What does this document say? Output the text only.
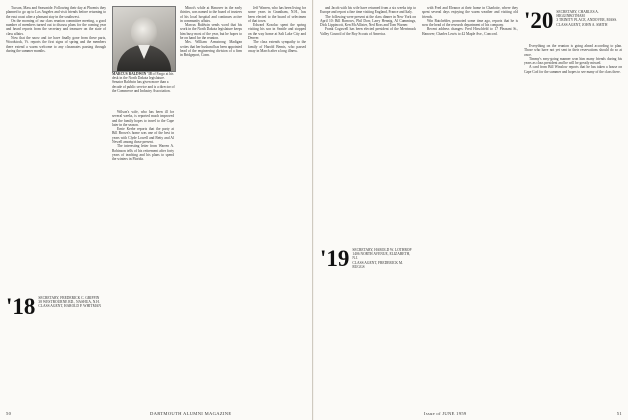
Tucson, Mass and Seasonide. Following their day at Phoenix they planned to go up to Los Angeles and visit friends before returning to the east coast after a pleasant stay in the southwest.

On the morning of our class reunion committee meeting, a good number of members turned out to discuss plans for the coming year and heard reports from the secretary and treasurer on the state of class affairs.

Now that the snow and ice have finally gone from these parts, Woodstock, Vt. reports the first signs of spring and the members there extend a warm welcome to any classmates passing through during the summer months.

MARCUS BALDWIN '18 of Fargo at his desk in the North Dakota legislature. Senator Baldwin has given more than a decade of public service and is a director of the Commerce and Industry Association.

Minot's while at Hanover in the early thirties, was named to the board of trustees of his local hospital and continues active in community affairs.

Marcus Baldwin sends word that his work in the North Dakota legislature keeps him busy most of the year, but he hopes to be on hand for the reunion.

Mrs. William Armstrong Madigan writes that her husband has been appointed head of the engineering division of a firm in Bridgeport, Conn.

Wilson's wife, who has been ill for several weeks, is reported much improved and the family hopes to travel to the Cape later in the season.

Ernie Kerbe reports that the party at Bill Brown's home was one of the best in years with Clyde Lowell and Betty and Al Newell among those present.

The interesting letter from Warren A. Robinson tells of his retirement after forty years of teaching and his plans to spend the winters in Florida.

Jeff Warren, who has been living for some years in Grantham, N.H., has been elected to the board of selectmen of that town.

Edward Kosolac spent the spring visiting his son in Seattle and stopped on the way home at Salt Lake City and Denver.

The class extends sympathy to the family of Harold Bemis, who passed away in March after a long illness.

'18 SECRETARY, FREDERICK C. GRIFFIN
38 WESTBOURNE RD., NASHUA, N.H.
CLASS AGENT, HAROLD P. WHITMAN
50	DARTMOUTH ALUMNI MAGAZINE

and Jacob with his wife have returned from a six weeks trip to Europe and report a fine time visiting England, France and Italy.

The following were present at the class dinner in New York on April 10: Bill Barrows, Phil Dorr, Larry Hennig, Al Cummings, Dick Lippincott, Ken McAllister, Ned Ross and Tom Warner.

Frank Cogswell has been elected president of the Merrimack Valley Council of the Boy Scouts of America.

'19 SECRETARY, HAROLD W. LOTHROP
1406 NORTH AVENUE, ELIZABETH, N.J.
CLASS AGENT, FREDERICK M. RUGGS

with Fred and Eleanor at their home in Charlotte, where they spent several days enjoying the warm weather and visiting old friends.

Win Batchelder, promoted some time ago, reports that he is now the head of the research department of his company.

Recent address changes: Fred Hirschfeld to 17 Pleasant St., Hanover; Charles Lewis to 42 Maple Ave., Concord.

'20 SECRETARY, CHARLES A. HIGGINBOTHAM
3 TRINITY PLACE, ANDOVER, MASS.
CLASS AGENT, JOHN A. SMITH

Everything on the reunion is going ahead according to plan. Those who have not yet sent in their reservations should do so at once.

Timmy's easy-going manner won him many friends during his years as class president and he will be greatly missed.

A card from Bill Winslow reports that he has taken a house on Cape Cod for the summer and hopes to see many of the class there.

Issue of JUNE 1959	51
